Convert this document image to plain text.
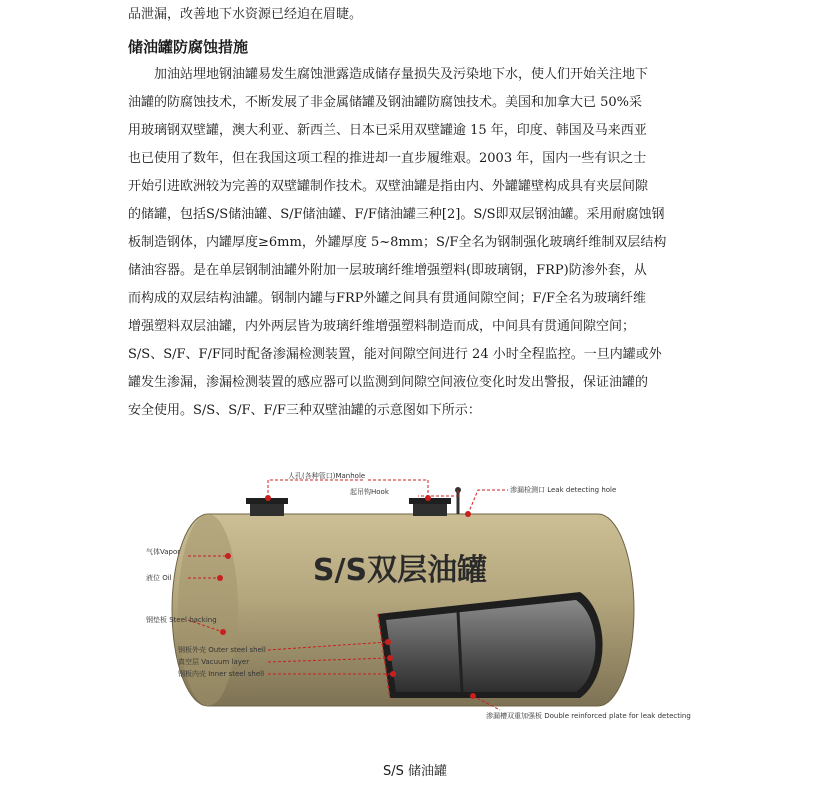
品泄漏，改善地下水资源已经迫在眉睫。
储油罐防腐蚀措施
　　加油站埋地钢油罐易发生腐蚀泄露造成储存量损失及污染地下水，使人们开始关注地下
油罐的防腐蚀技术，不断发展了非金属储罐及钢油罐防腐蚀技术。美国和加拿大已 50%采
用玻璃钢双壁罐，澳大利亚、新西兰、日本已采用双壁罐逾 15 年，印度、韩国及马来西亚
也已使用了数年，但在我国这项工程的推进却一直步履维艰。2003 年，国内一些有识之士
开始引进欧洲较为完善的双壁罐制作技术。双壁油罐是指由内、外罐罐壁构成具有夹层间隙
的储罐，包括S/S储油罐、S/F储油罐、F/F储油罐三种[2]。S/S即双层钢油罐。采用耐腐蚀钢
板制造钢体，内罐厚度≥6mm，外罐厚度 5~8mm；S/F全名为钢制强化玻璃纤维制双层结构
储油容器。是在单层钢制油罐外附加一层玻璃纤维增强塑料(即玻璃钢，FRP)防渗外套，从
而构成的双层结构油罐。钢制内罐与FRP外罐之间具有贯通间隙空间；F/F全名为玻璃纤维
增强塑料双层油罐，内外两层皆为玻璃纤维增强塑料制造而成，中间具有贯通间隙空间；
S/S、S/F、F/F同时配备渗漏检测装置，能对间隙空间进行 24 小时全程监控。一旦内罐或外
罐发生渗漏，渗漏检测装置的感应器可以监测到间隙空间液位变化时发出警报，保证油罐的
安全使用。S/S、S/F、F/F三种双壁油罐的示意图如下所示：
S/S双层油罐
人孔(各种管口)Manhole
起吊钩Hook	渗漏检测口 Leak detecting hole
气体Vapor
液位 Oil
钢垫板 Steel backing
钢板外壳 Outer steel shell
真空层 Vacuum layer
钢板内壳 Inner steel shell
渗漏槽双重加强板 Double reinforced plate for leak detecting
S/S 储油罐
